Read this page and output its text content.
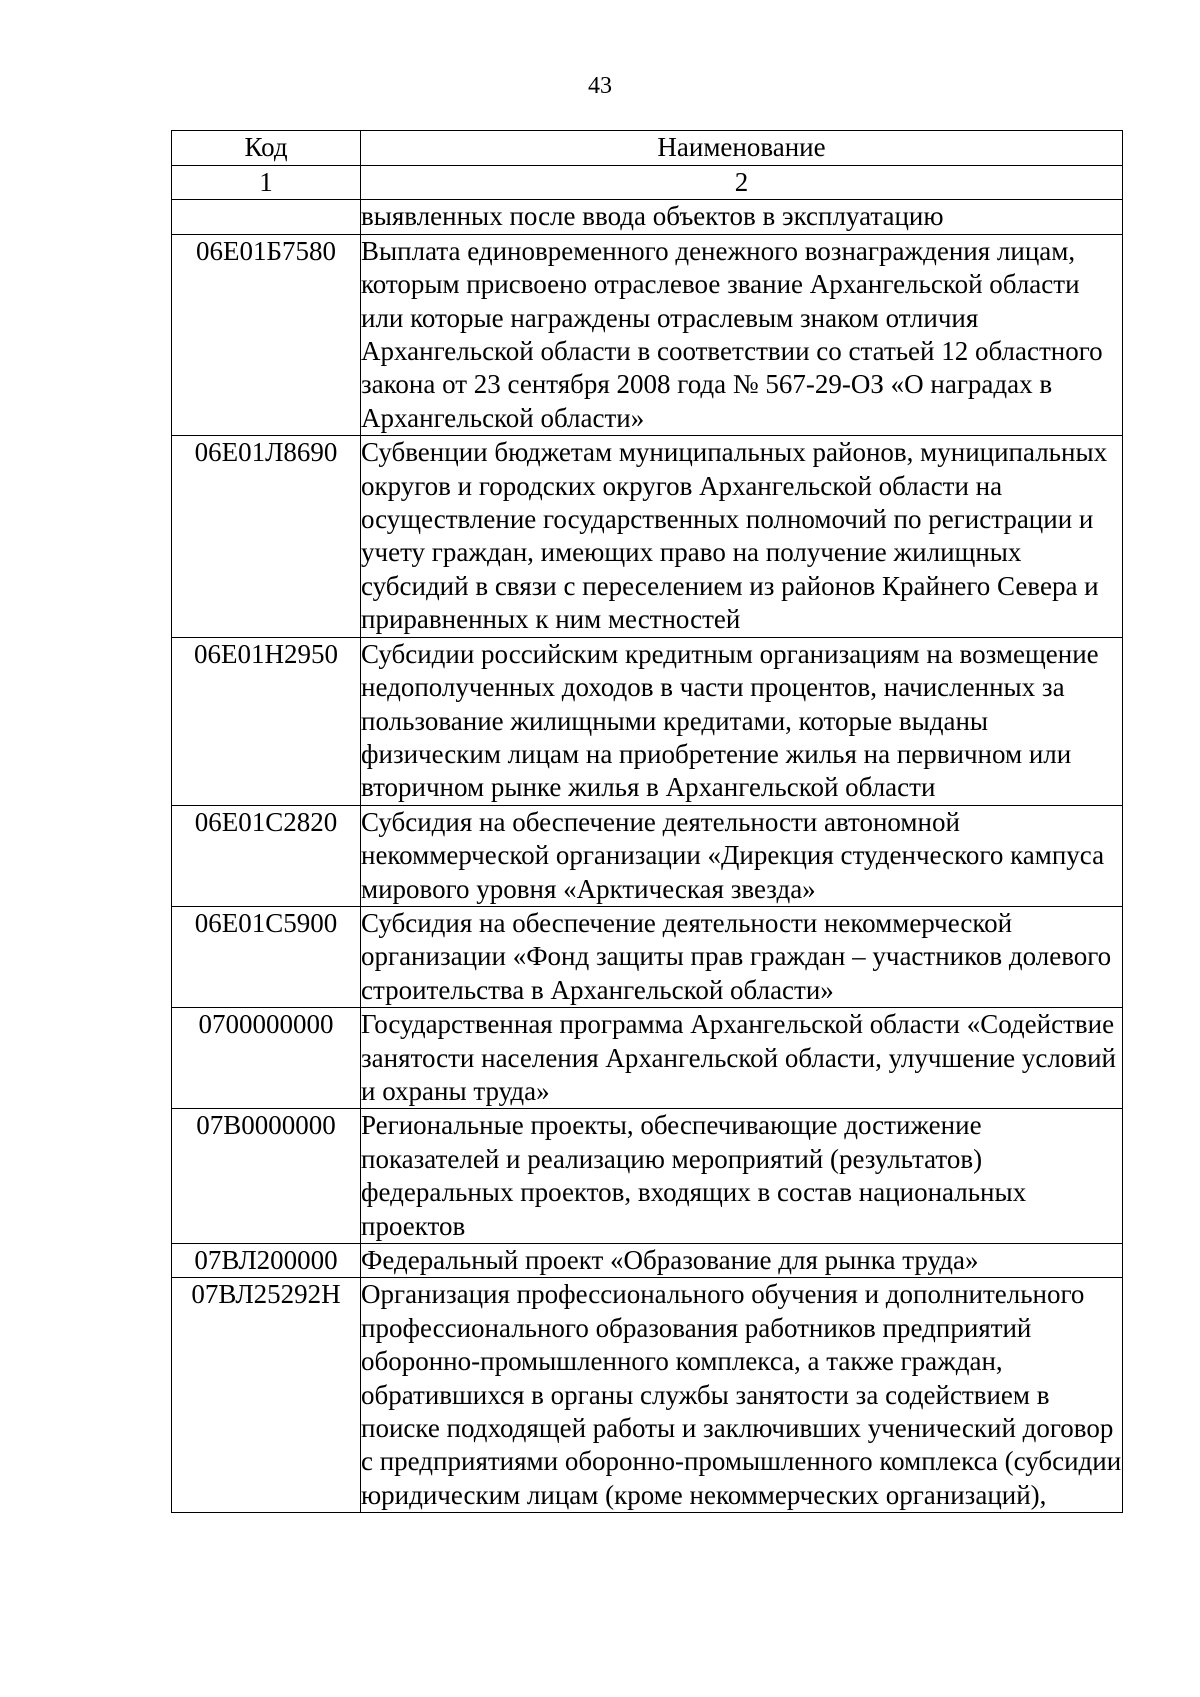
43
Код	Наименование
1	2
	выявленных после ввода объектов в эксплуатацию
06Е01Б7580	Выплата единовременного денежного вознаграждения лицам, которым присвоено отраслевое звание Архангельской области или которые награждены отраслевым знаком отличия Архангельской области в соответствии со статьей 12 областного закона от 23 сентября 2008 года № 567-29-ОЗ «О наградах в Архангельской области»
06Е01Л8690	Субвенции бюджетам муниципальных районов, муниципальных округов и городских округов Архангельской области на осуществление государственных полномочий по регистрации и учету граждан, имеющих право на получение жилищных субсидий в связи с переселением из районов Крайнего Севера и приравненных к ним местностей
06Е01Н2950	Субсидии российским кредитным организациям на возмещение недополученных доходов в части процентов, начисленных за пользование жилищными кредитами, которые выданы физическим лицам на приобретение жилья на первичном или вторичном рынке жилья в Архангельской области
06Е01С2820	Субсидия на обеспечение деятельности автономной некоммерческой организации «Дирекция студенческого кампуса мирового уровня «Арктическая звезда»
06Е01С5900	Субсидия на обеспечение деятельности некоммерческой организации «Фонд защиты прав граждан – участников долевого строительства в Архангельской области»
0700000000	Государственная программа Архангельской области «Содействие занятости населения Архангельской области, улучшение условий и охраны труда»
07В0000000	Региональные проекты, обеспечивающие достижение показателей и реализацию мероприятий (результатов) федеральных проектов, входящих в состав национальных проектов
07ВЛ200000	Федеральный проект «Образование для рынка труда»
07ВЛ25292Н	Организация профессионального обучения и дополнительного профессионального образования работников предприятий оборонно-промышленного комплекса, а также граждан, обратившихся в органы службы занятости за содействием в поиске подходящей работы и заключивших ученический договор с предприятиями оборонно-промышленного комплекса (субсидии юридическим лицам (кроме некоммерческих организаций),
